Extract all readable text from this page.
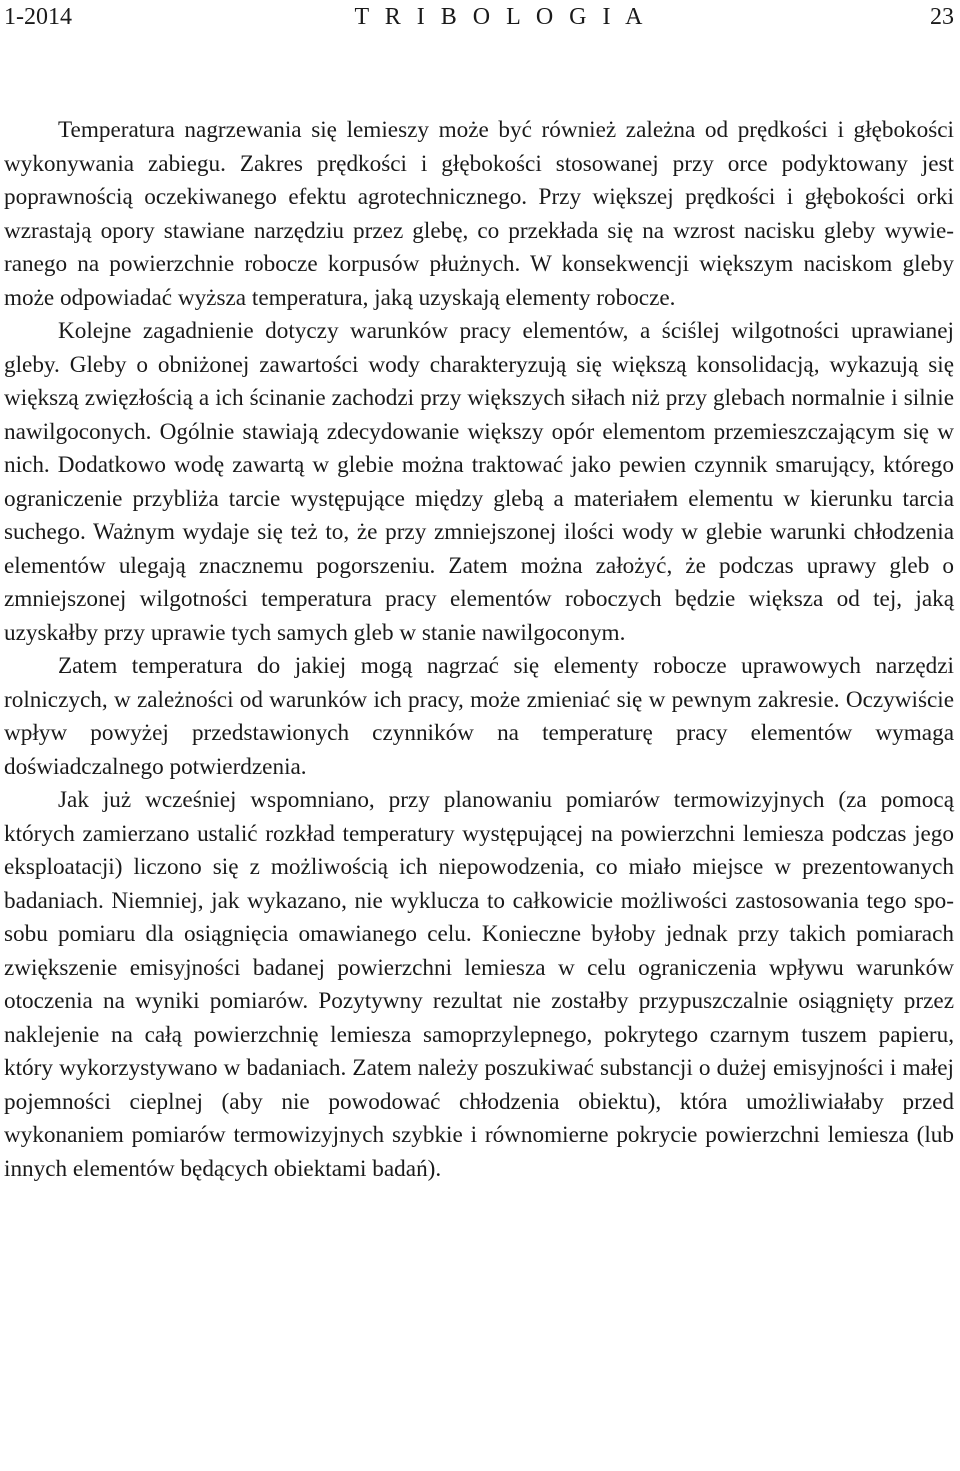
1-2014	T R I B O L O G I A	23

Temperatura nagrzewania się lemieszy może być również zależna od prędkości i głębokości wykonywania zabiegu. Zakres prędkości i głębokości stosowanej przy orce podyktowany jest poprawnością oczekiwanego efektu agrotechnicznego. Przy większej prędkości i głębokości orki wzrastają opory stawiane narzędziu przez glebę, co przekłada się na wzrost nacisku gleby wywieranego na powierzchnie robocze korpusów płużnych. W konsekwencji większym naciskom gleby może odpowiadać wyższa temperatura, jaką uzyskają elementy robocze.

Kolejne zagadnienie dotyczy warunków pracy elementów, a ściślej wilgotności uprawianej gleby. Gleby o obniżonej zawartości wody charakteryzują się większą konsolidacją, wykazują się większą zwięzłością a ich ścinanie zachodzi przy większych siłach niż przy glebach normalnie i silnie nawilgoconych. Ogólnie stawiają zdecydowanie większy opór elementom przemieszczającym się w nich. Dodatkowo wodę zawartą w glebie można traktować jako pewien czynnik smarujący, którego ograniczenie przybliża tarcie występujące między glebą a materiałem elementu w kierunku tarcia suchego. Ważnym wydaje się też to, że przy zmniejszonej ilości wody w glebie warunki chłodzenia elementów ulegają znacznemu pogorszeniu. Zatem można założyć, że podczas uprawy gleb o zmniejszonej wilgotności temperatura pracy elementów roboczych będzie większa od tej, jaką uzyskałby przy uprawie tych samych gleb w stanie nawilgoconym.

Zatem temperatura do jakiej mogą nagrzać się elementy robocze uprawowych narzędzi rolniczych, w zależności od warunków ich pracy, może zmieniać się w pewnym zakresie. Oczywiście wpływ powyżej przedstawionych czynników na temperaturę pracy elementów wymaga doświadczalnego potwierdzenia.

Jak już wcześniej wspomniano, przy planowaniu pomiarów termowizyjnych (za pomocą których zamierzano ustalić rozkład temperatury występującej na powierzchni lemiesza podczas jego eksploatacji) liczono się z możliwością ich niepowodzenia, co miało miejsce w prezentowanych badaniach. Niemniej, jak wykazano, nie wyklucza to całkowicie możliwości zastosowania tego sposobu pomiaru dla osiągnięcia omawianego celu. Konieczne byłoby jednak przy takich pomiarach zwiększenie emisyjności badanej powierzchni lemiesza w celu ograniczenia wpływu warunków otoczenia na wyniki pomiarów. Pozytywny rezultat nie zostałby przypuszczalnie osiągnięty przez naklejenie na całą powierzchnię lemiesza samoprzylepnego, pokrytego czarnym tuszem papieru, który wykorzystywano w badaniach. Zatem należy poszukiwać substancji o dużej emisyjności i małej pojemności cieplnej (aby nie powodować chłodzenia obiektu), która umożliwiałaby przed wykonaniem pomiarów termowizyjnych szybkie i równomierne pokrycie powierzchni lemiesza (lub innych elementów będących obiektami badań).
